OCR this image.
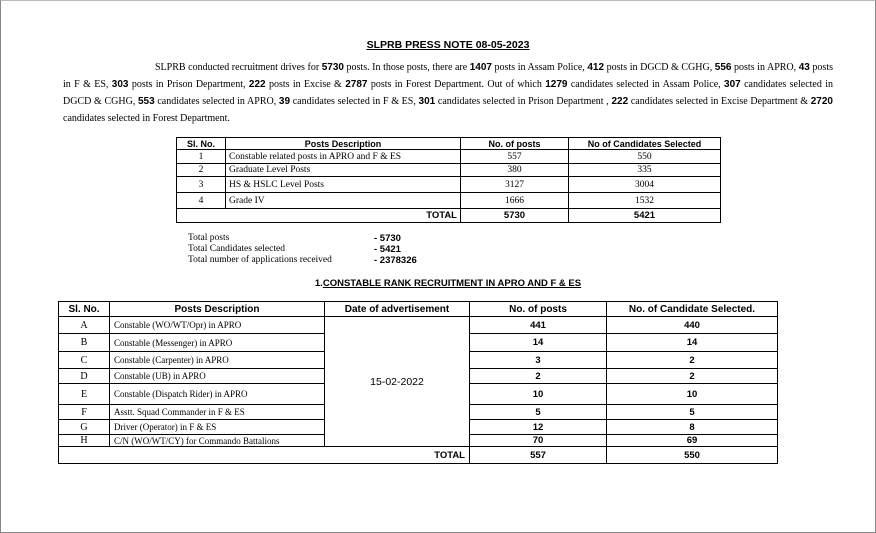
SLPRB PRESS NOTE 08-05-2023
SLPRB conducted recruitment drives for 5730 posts. In those posts, there are 1407 posts in Assam Police, 412 posts in DGCD & CGHG, 556 posts in APRO, 43 posts in F & ES, 303 posts in Prison Department, 222 posts in Excise & 2787 posts in Forest Department. Out of which 1279 candidates selected in Assam Police, 307 candidates selected in DGCD & CGHG, 553 candidates selected in APRO, 39 candidates selected in F & ES, 301 candidates selected in Prison Department , 222 candidates selected in Excise Department & 2720 candidates selected in Forest Department.
Sl. No.	Posts Description	No. of posts	No of Candidates Selected
1	Constable related posts in APRO and F & ES	557	550
2	Graduate Level Posts	380	335
3	HS & HSLC Level Posts	3127	3004
4	Grade IV	1666	1532
TOTAL		5730	5421
Total posts	- 5730
Total Candidates selected	- 5421
Total number of applications received	- 2378326
1.CONSTABLE RANK RECRUITMENT IN APRO AND F & ES
Sl. No.	Posts Description	Date of advertisement	No. of posts	No. of Candidate Selected.
A	Constable (WO/WT/Opr) in APRO	15-02-2022	441	440
B	Constable (Messenger) in APRO		14	14
C	Constable (Carpenter) in APRO		3	2
D	Constable (UB) in APRO		2	2
E	Constable (Dispatch Rider) in APRO		10	10
F	Asstt. Squad Commander in F & ES		5	5
G	Driver (Operator) in F & ES		12	8
H	C/N (WO/WT/CY) for Commando Battalions		70	69
TOTAL			557	550
